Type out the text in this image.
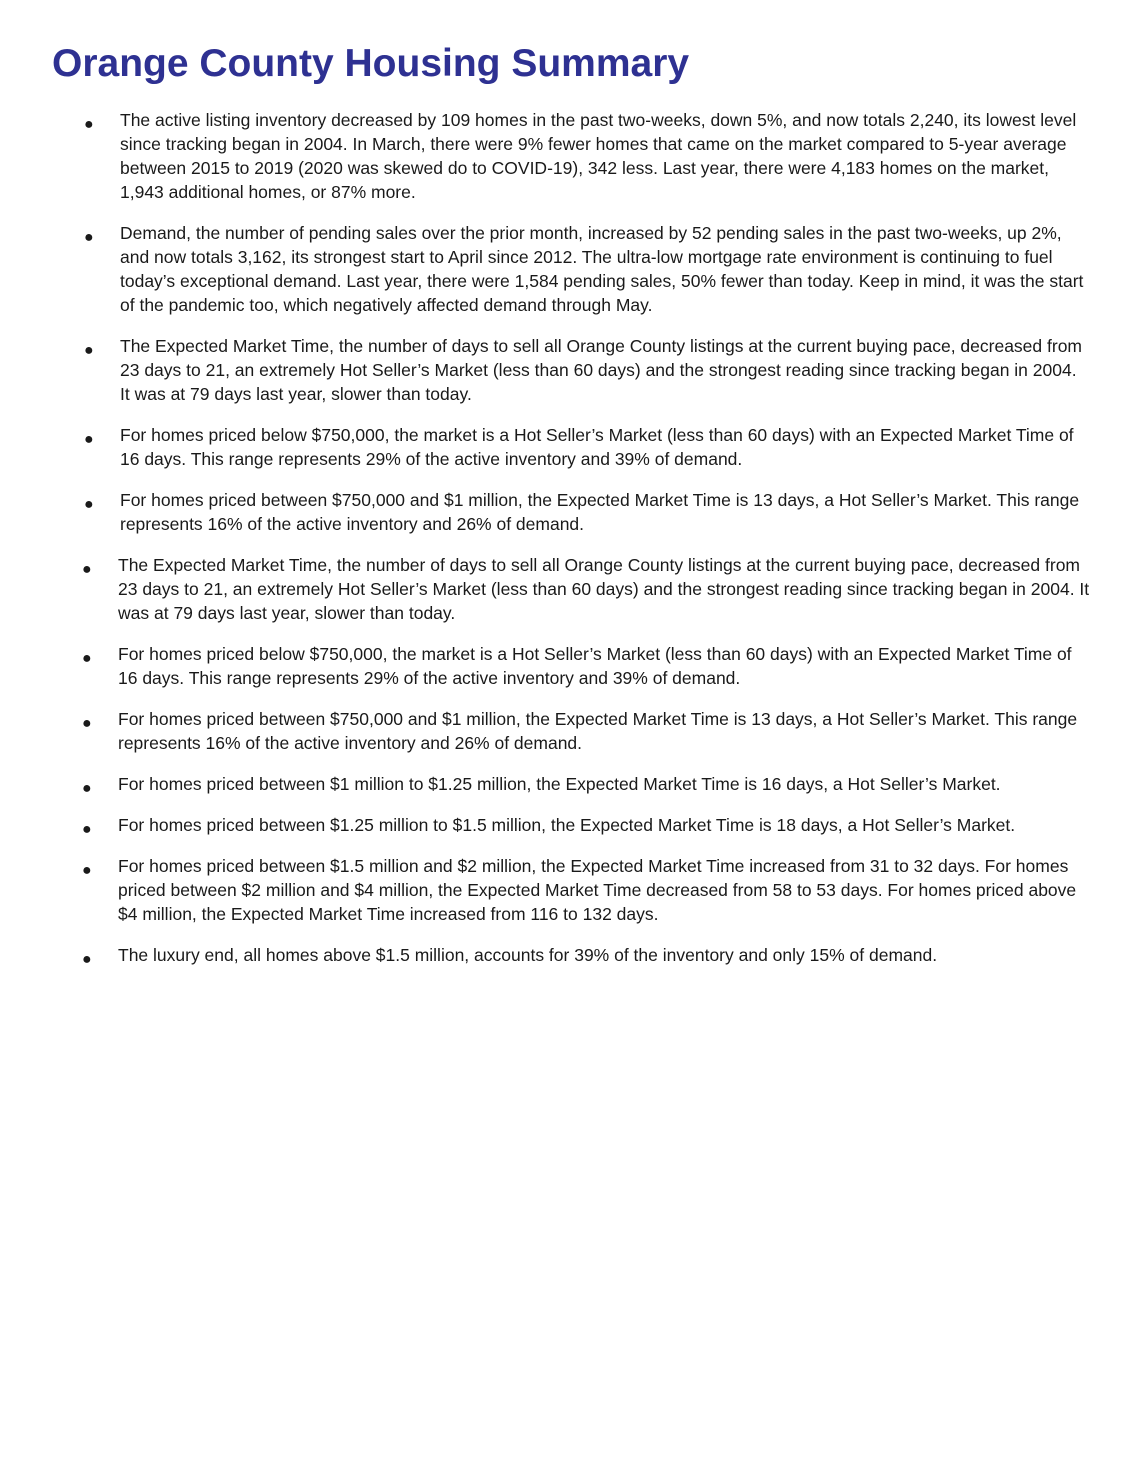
Orange County Housing Summary
● The active listing inventory decreased by 109 homes in the past two-weeks, down 5%, and now totals 2,240, its lowest level since tracking began in 2004. In March, there were 9% fewer homes that came on the market compared to 5-year average between 2015 to 2019 (2020 was skewed do to COVID-19), 342 less. Last year, there were 4,183 homes on the market, 1,943 additional homes, or 87% more.
● Demand, the number of pending sales over the prior month, increased by 52 pending sales in the past two-weeks, up 2%, and now totals 3,162, its strongest start to April since 2012. The ultra-low mortgage rate environment is continuing to fuel today’s exceptional demand. Last year, there were 1,584 pending sales, 50% fewer than today. Keep in mind, it was the start of the pandemic too, which negatively affected demand through May.
● The Expected Market Time, the number of days to sell all Orange County listings at the current buying pace, decreased from 23 days to 21, an extremely Hot Seller’s Market (less than 60 days) and the strongest reading since tracking began in 2004. It was at 79 days last year, slower than today.
● For homes priced below $750,000, the market is a Hot Seller’s Market (less than 60 days) with an Expected Market Time of 16 days. This range represents 29% of the active inventory and 39% of demand.
● For homes priced between $750,000 and $1 million, the Expected Market Time is 13 days, a Hot Seller’s Market. This range represents 16% of the active inventory and 26% of demand.
● The Expected Market Time, the number of days to sell all Orange County listings at the current buying pace, decreased from 23 days to 21, an extremely Hot Seller’s Market (less than 60 days) and the strongest reading since tracking began in 2004. It was at 79 days last year, slower than today.
● For homes priced below $750,000, the market is a Hot Seller’s Market (less than 60 days) with an Expected Market Time of 16 days. This range represents 29% of the active inventory and 39% of demand.
● For homes priced between $750,000 and $1 million, the Expected Market Time is 13 days, a Hot Seller’s Market. This range represents 16% of the active inventory and 26% of demand.
● For homes priced between $1 million to $1.25 million, the Expected Market Time is 16 days, a Hot Seller’s Market.
● For homes priced between $1.25 million to $1.5 million, the Expected Market Time is 18 days, a Hot Seller’s Market.
● For homes priced between $1.5 million and $2 million, the Expected Market Time increased from 31 to 32 days. For homes priced between $2 million and $4 million, the Expected Market Time decreased from 58 to 53 days. For homes priced above $4 million, the Expected Market Time increased from 116 to 132 days.
● The luxury end, all homes above $1.5 million, accounts for 39% of the inventory and only 15% of demand.
